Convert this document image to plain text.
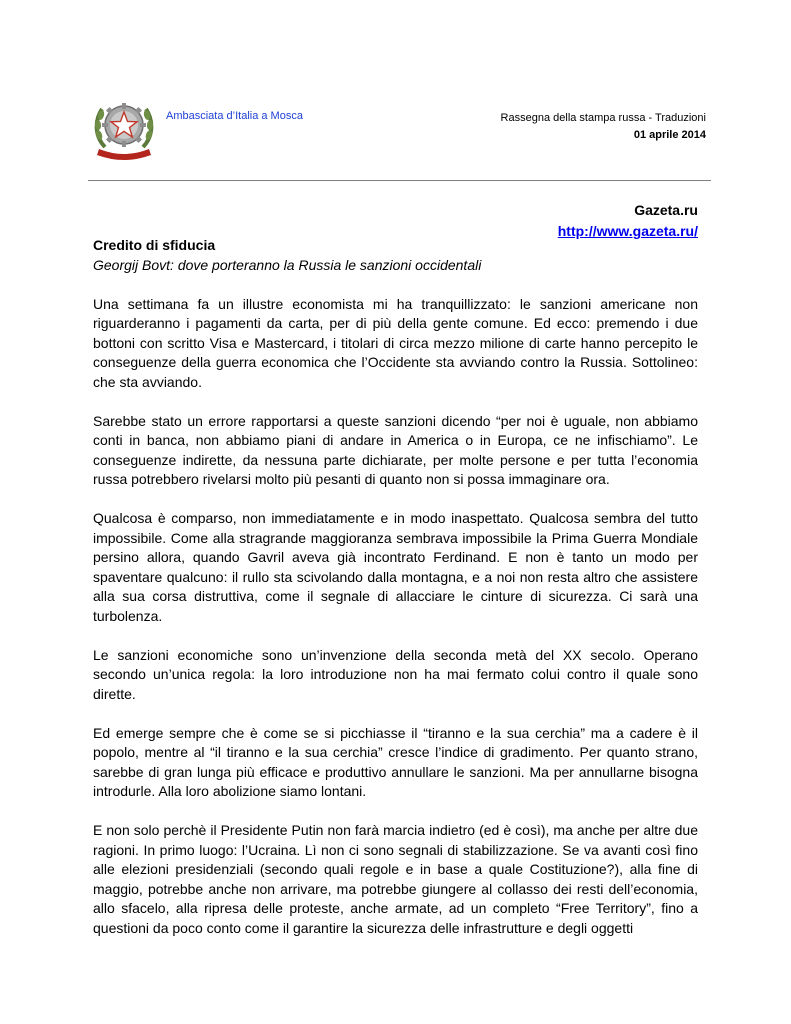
Ambasciata d’Italia a Mosca	Rassegna della stampa russa - Traduzioni
01 aprile 2014
Gazeta.ru
http://www.gazeta.ru/
Credito di sfiducia
Georgij Bovt: dove porteranno la Russia le sanzioni occidentali

Una settimana fa un illustre economista mi ha tranquillizzato: le sanzioni americane non riguarderanno i pagamenti da carta, per di più della gente comune. Ed ecco: premendo i due bottoni con scritto Visa e Mastercard, i titolari di circa mezzo milione di carte hanno percepito le conseguenze della guerra economica che l’Occidente sta avviando contro la Russia. Sottolineo: che sta avviando.

Sarebbe stato un errore rapportarsi a queste sanzioni dicendo “per noi è uguale, non abbiamo conti in banca, non abbiamo piani di andare in America o in Europa, ce ne infischiamo”. Le conseguenze indirette, da nessuna parte dichiarate, per molte persone e per tutta l’economia russa potrebbero rivelarsi molto più pesanti di quanto non si possa immaginare ora.

Qualcosa è comparso, non immediatamente e in modo inaspettato. Qualcosa sembra del tutto impossibile. Come alla stragrande maggioranza sembrava impossibile la Prima Guerra Mondiale persino allora, quando Gavril aveva già incontrato Ferdinand. E non è tanto un modo per spaventare qualcuno: il rullo sta scivolando dalla montagna, e a noi non resta altro che assistere alla sua corsa distruttiva, come il segnale di allacciare le cinture di sicurezza. Ci sarà una turbolenza.

Le sanzioni economiche sono un’invenzione della seconda metà del XX secolo. Operano secondo un’unica regola: la loro introduzione non ha mai fermato colui contro il quale sono dirette.

Ed emerge sempre che è come se si picchiasse il “tiranno e la sua cerchia” ma a cadere è il popolo, mentre al “il tiranno e la sua cerchia” cresce l’indice di gradimento. Per quanto strano, sarebbe di gran lunga più efficace e produttivo annullare le sanzioni. Ma per annullarne bisogna introdurle. Alla loro abolizione siamo lontani.

E non solo perchè il Presidente Putin non farà marcia indietro (ed è così), ma anche per altre due ragioni. In primo luogo: l’Ucraina. Lì non ci sono segnali di stabilizzazione. Se va avanti così fino alle elezioni presidenziali (secondo quali regole e in base a quale Costituzione?), alla fine di maggio, potrebbe anche non arrivare, ma potrebbe giungere al collasso dei resti dell’economia, allo sfacelo, alla ripresa delle proteste, anche armate, ad un completo “Free Territory”, fino a questioni da poco conto come il garantire la sicurezza delle infrastrutture e degli oggetti
